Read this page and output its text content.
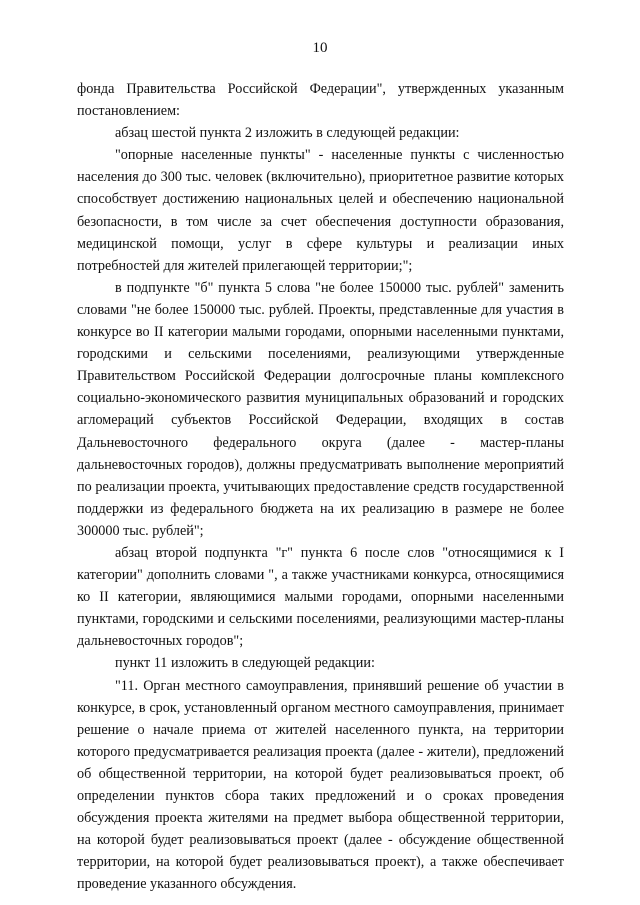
10

фонда Правительства Российской Федерации", утвержденных указанным постановлением:

абзац шестой пункта 2 изложить в следующей редакции:

"опорные населенные пункты" - населенные пункты с численностью населения до 300 тыс. человек (включительно), приоритетное развитие которых способствует достижению национальных целей и обеспечению национальной безопасности, в том числе за счет обеспечения доступности образования, медицинской помощи, услуг в сфере культуры и реализации иных потребностей для жителей прилегающей территории;";

в подпункте "б" пункта 5 слова "не более 150000 тыс. рублей" заменить словами "не более 150000 тыс. рублей. Проекты, представленные для участия в конкурсе во II категории малыми городами, опорными населенными пунктами, городскими и сельскими поселениями, реализующими утвержденные Правительством Российской Федерации долгосрочные планы комплексного социально-экономического развития муниципальных образований и городских агломераций субъектов Российской Федерации, входящих в состав Дальневосточного федерального округа (далее - мастер-планы дальневосточных городов), должны предусматривать выполнение мероприятий по реализации проекта, учитывающих предоставление средств государственной поддержки из федерального бюджета на их реализацию в размере не более 300000 тыс. рублей";

абзац второй подпункта "г" пункта 6 после слов "относящимися к I категории" дополнить словами ", а также участниками конкурса, относящимися ко II категории, являющимися малыми городами, опорными населенными пунктами, городскими и сельскими поселениями, реализующими мастер-планы дальневосточных городов";

пункт 11 изложить в следующей редакции:

"11. Орган местного самоуправления, принявший решение об участии в конкурсе, в срок, установленный органом местного самоуправления, принимает решение о начале приема от жителей населенного пункта, на территории которого предусматривается реализация проекта (далее - жители), предложений об общественной территории, на которой будет реализовываться проект, об определении пунктов сбора таких предложений и о сроках проведения обсуждения проекта жителями на предмет выбора общественной территории, на которой будет реализовываться проект (далее - обсуждение общественной территории, на которой будет реализовываться проект), а также обеспечивает проведение указанного обсуждения.
